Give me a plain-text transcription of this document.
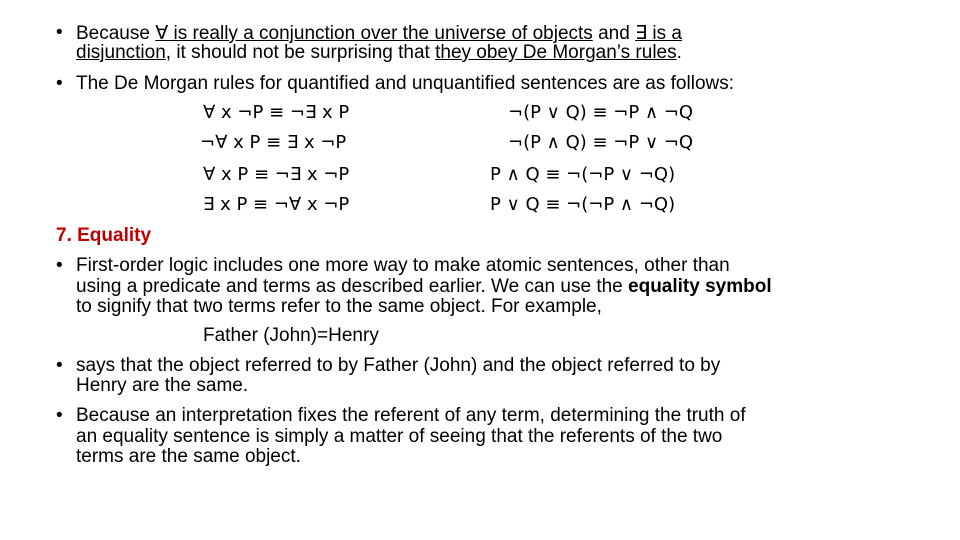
• Because ∀ is really a conjunction over the universe of objects and ∃ is a
disjunction, it should not be surprising that they obey De Morgan’s rules.
• The De Morgan rules for quantified and unquantified sentences are as follows:
∀ x ¬P ≡ ¬∃ x P	¬(P ∨ Q) ≡ ¬P ∧ ¬Q
¬∀ x P ≡ ∃ x ¬P	¬(P ∧ Q) ≡ ¬P ∨ ¬Q
∀ x P ≡ ¬∃ x ¬P	P ∧ Q ≡ ¬(¬P ∨ ¬Q)
∃ x P ≡ ¬∀ x ¬P	P ∨ Q ≡ ¬(¬P ∧ ¬Q)
7. Equality
• First-order logic includes one more way to make atomic sentences, other than
using a predicate and terms as described earlier. We can use the equality symbol
to signify that two terms refer to the same object. For example,
Father (John)=Henry
• says that the object referred to by Father (John) and the object referred to by
Henry are the same.
• Because an interpretation fixes the referent of any term, determining the truth of
an equality sentence is simply a matter of seeing that the referents of the two
terms are the same object.
